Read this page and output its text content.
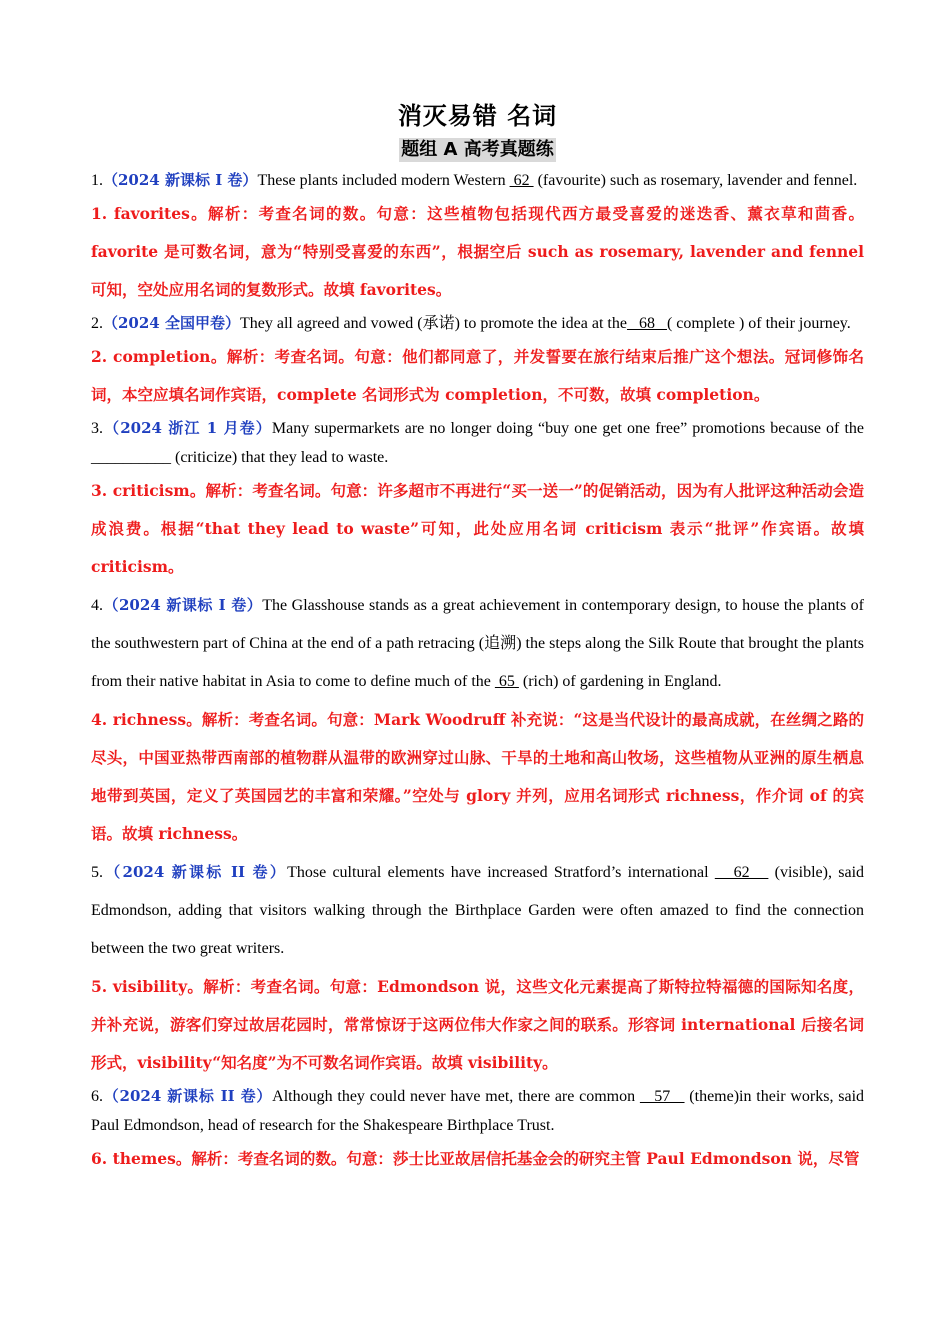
消灭易错 名词
题组 A 高考真题练

1.（2024 新课标 I 卷）These plants included modern Western  62  (favourite) such as rosemary, lavender and fennel.

1. favorites。解析：考查名词的数。句意：这些植物包括现代西方最受喜爱的迷迭香、薰衣草和茴香。favorite 是可数名词，意为“特别受喜爱的东西”，根据空后 such as rosemary, lavender and fennel 可知，空处应用名词的复数形式。故填 favorites。

2.（2024 全国甲卷）They all agreed and vowed (承诺) to promote the idea at the   68   ( complete ) of their journey.

2. completion。解析：考查名词。句意：他们都同意了，并发誓要在旅行结束后推广这个想法。冠词修饰名词，本空应填名词作宾语，complete 名词形式为 completion，不可数，故填 completion。

3.（2024 浙江 1 月卷）Many supermarkets are no longer doing “buy one get one free” promotions because of the __________ (criticize) that they lead to waste.

3. criticism。解析：考查名词。句意：许多超市不再进行“买一送一”的促销活动，因为有人批评这种活动会造成浪费。根据“that they lead to waste”可知，此处应用名词 criticism 表示“批评”作宾语。故填 criticism。

4.（2024 新课标 I 卷）The Glasshouse stands as a great achievement in contemporary design, to house the plants of the southwestern part of China at the end of a path retracing (追溯) the steps along the Silk Route that brought the plants from their native habitat in Asia to come to define much of the  65  (rich) of gardening in England.

4. richness。解析：考查名词。句意：Mark Woodruff 补充说：“这是当代设计的最高成就，在丝绸之路的尽头，中国亚热带西南部的植物群从温带的欧洲穿过山脉、干旱的土地和高山牧场，这些植物从亚洲的原生栖息地带到英国，定义了英国园艺的丰富和荣耀。”空处与 glory 并列，应用名词形式 richness，作介词 of 的宾语。故填 richness。

5.（2024 新课标 II 卷）Those cultural elements have increased Stratford’s international    62    (visible), said Edmondson, adding that visitors walking through the Birthplace Garden were often amazed to find the connection between the two great writers.

5. visibility。解析：考查名词。句意：Edmondson 说，这些文化元素提高了斯特拉特福德的国际知名度，并补充说，游客们穿过故居花园时，常常惊讶于这两位伟大作家之间的联系。形容词 international 后接名词形式，visibility“知名度”为不可数名词作宾语。故填 visibility。

6.（2024 新课标 II 卷）Although they could never have met, there are common    57    (theme)in their works, said Paul Edmondson, head of research for the Shakespeare Birthplace Trust.

6. themes。解析：考查名词的数。句意：莎士比亚故居信托基金会的研究主管 Paul Edmondson 说，尽管
